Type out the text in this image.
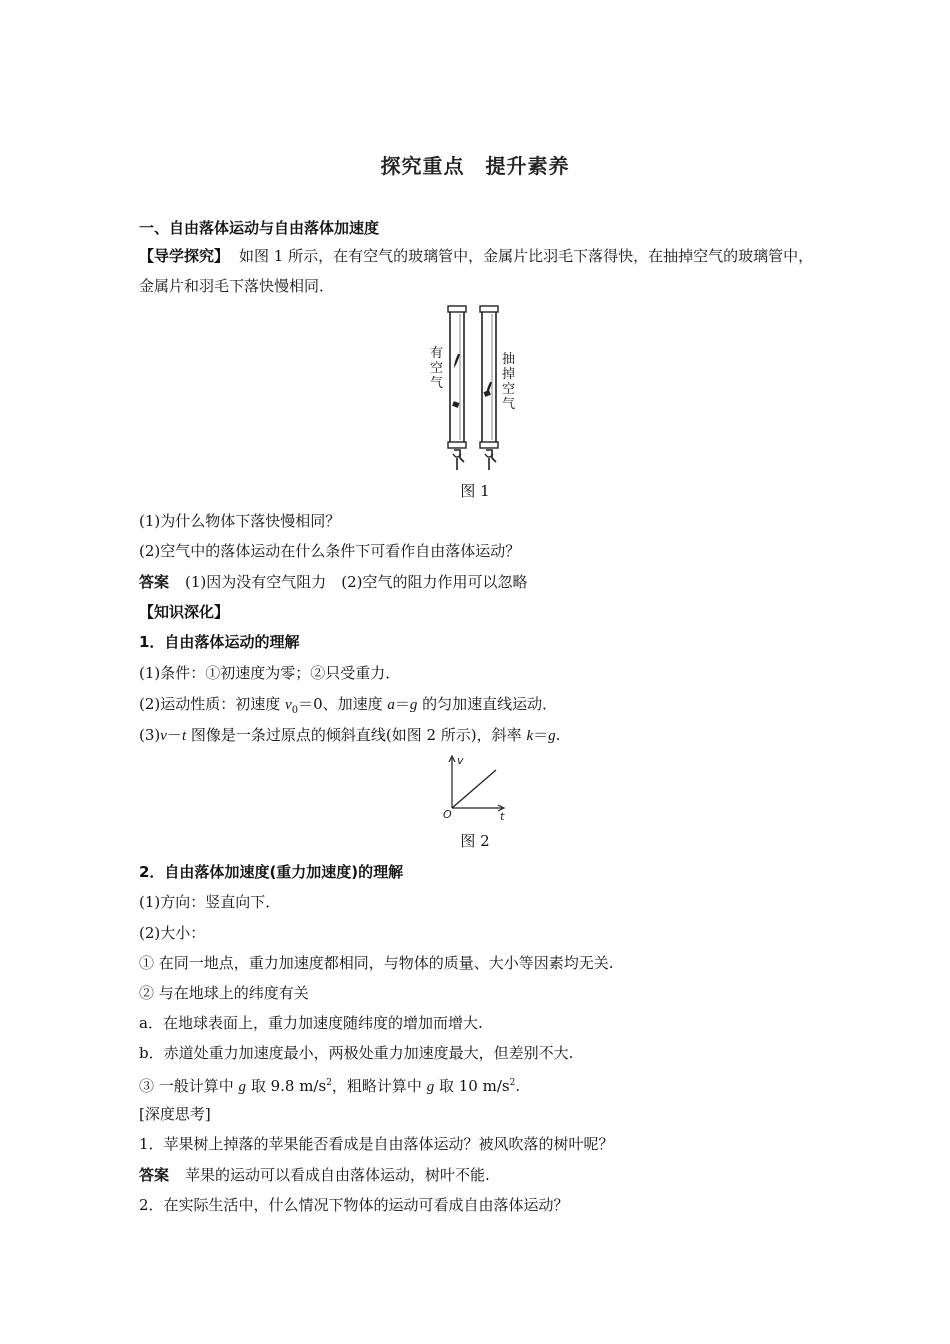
探究重点　提升素养
一、自由落体运动与自由落体加速度
【导学探究】 如图 1 所示，在有空气的玻璃管中，金属片比羽毛下落得快，在抽掉空气的玻璃管中，金属片和羽毛下落快慢相同．
有空气
抽掉空气
图 1
(1)为什么物体下落快慢相同？
(2)空气中的落体运动在什么条件下可看作自由落体运动？
答案 (1)因为没有空气阻力　(2)空气的阻力作用可以忽略
【知识深化】
1．自由落体运动的理解
(1)条件：①初速度为零；②只受重力．
(2)运动性质：初速度 $v_0=0$、加速度 a＝g 的匀加速直线运动．
(3)v－t 图像是一条过原点的倾斜直线(如图 2 所示)，斜率 k＝g.
v
t
O
图 2
2．自由落体加速度(重力加速度)的理解
(1)方向：竖直向下．
(2)大小：
① 在同一地点，重力加速度都相同，与物体的质量、大小等因素均无关.
② 与在地球上的纬度有关
a．在地球表面上，重力加速度随纬度的增加而增大.
b．赤道处重力加速度最小，两极处重力加速度最大，但差别不大.
③ 一般计算中 g 取 9.8 $m/s^2$，粗略计算中 g 取 10 $m/s^2$.
[深度思考]
1．苹果树上掉落的苹果能否看成是自由落体运动？被风吹落的树叶呢？
答案 苹果的运动可以看成自由落体运动，树叶不能.
2．在实际生活中，什么情况下物体的运动可看成自由落体运动？
